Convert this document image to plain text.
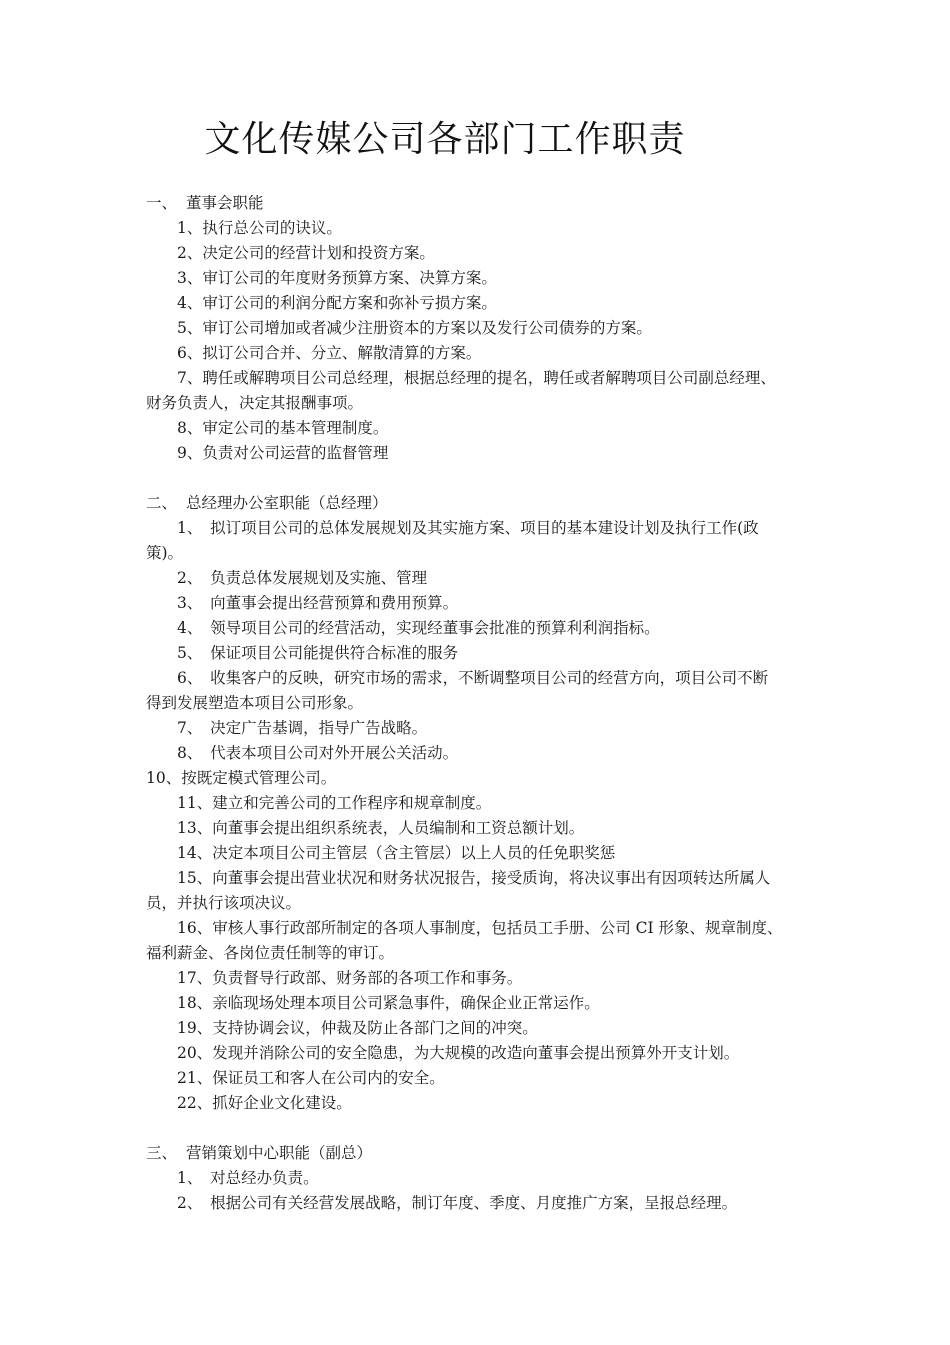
文化传媒公司各部门工作职责
一、 董事会职能
1、执行总公司的诀议。
2、决定公司的经营计划和投资方案。
3、审订公司的年度财务预算方案、决算方案。
4、审订公司的利润分配方案和弥补亏损方案。
5、审订公司增加或者减少注册资本的方案以及发行公司债券的方案。
6、拟订公司合并、分立、解散清算的方案。
7、聘任或解聘项目公司总经理，根据总经理的提名，聘任或者解聘项目公司副总经理、
财务负责人，决定其报酬事项。
8、审定公司的基本管理制度。
9、负责对公司运营的监督管理
二、 总经理办公室职能（总经理）
1、　拟订项目公司的总体发展规划及其实施方案、项目的基本建设计划及执行工作(政
策)。
2、　负责总体发展规划及实施、管理
3、　向董事会提出经营预算和费用预算。
4、　领导项目公司的经营活动，实现经董事会批准的预算利利润指标。
5、　保证项目公司能提供符合标准的服务
6、　收集客户的反映，研究市场的需求，不断调整项目公司的经营方向，项目公司不断
得到发展塑造本项目公司形象。
7、　决定广告基调，指导广告战略。
8、　代表本项目公司对外开展公关活动。
10、按既定模式管理公司。
11、建立和完善公司的工作程序和规章制度。
13、向董事会提出组织系统表，人员编制和工资总额计划。
14、决定本项目公司主管层（含主管层）以上人员的任免职奖惩
15、向董事会提出营业状况和财务状况报告，接受质询，将决议事出有因项转达所属人
员，并执行该项决议。
16、审核人事行政部所制定的各项人事制度，包括员工手册、公司 CI 形象、规章制度、
福利薪金、各岗位责任制等的审订。
17、负责督导行政部、财务部的各项工作和事务。
18、亲临现场处理本项目公司紧急事件，确保企业正常运作。
19、支持协调会议，仲裁及防止各部门之间的冲突。
20、发现并消除公司的安全隐患，为大规模的改造向董事会提出预算外开支计划。
21、保证员工和客人在公司内的安全。
22、抓好企业文化建设。
三、 营销策划中心职能（副总）
1、　对总经办负责。
2、　根据公司有关经营发展战略，制订年度、季度、月度推广方案，呈报总经理。
